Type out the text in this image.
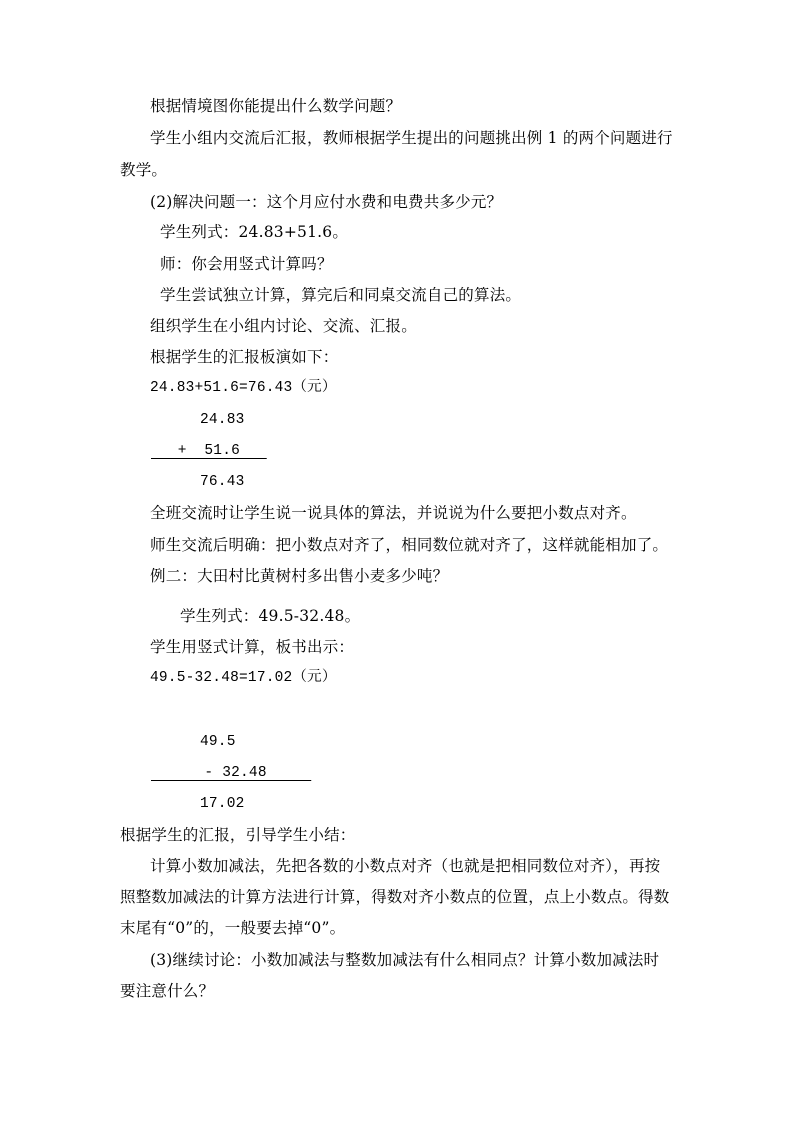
根据情境图你能提出什么数学问题？
学生小组内交流后汇报，教师根据学生提出的问题挑出例 1 的两个问题进行
教学。
(2)解决问题一：这个月应付水费和电费共多少元？
学生列式：24.83+51.6。
师：你会用竖式计算吗？
学生尝试独立计算，算完后和同桌交流自己的算法。
组织学生在小组内讨论、交流、汇报。
根据学生的汇报板演如下：
24.83+51.6=76.43（元）
24.83
+  51.6
76.43
全班交流时让学生说一说具体的算法，并说说为什么要把小数点对齐。
师生交流后明确：把小数点对齐了，相同数位就对齐了，这样就能相加了。
例二：大田村比黄树村多出售小麦多少吨？
学生列式：49.5-32.48。
学生用竖式计算，板书出示：
49.5-32.48=17.02（元）
49.5
- 32.48
17.02
根据学生的汇报，引导学生小结：
计算小数加减法，先把各数的小数点对齐（也就是把相同数位对齐），再按
照整数加减法的计算方法进行计算，得数对齐小数点的位置，点上小数点。得数
末尾有“0”的，一般要去掉“0”。
(3)继续讨论：小数加减法与整数加减法有什么相同点？计算小数加减法时
要注意什么？
